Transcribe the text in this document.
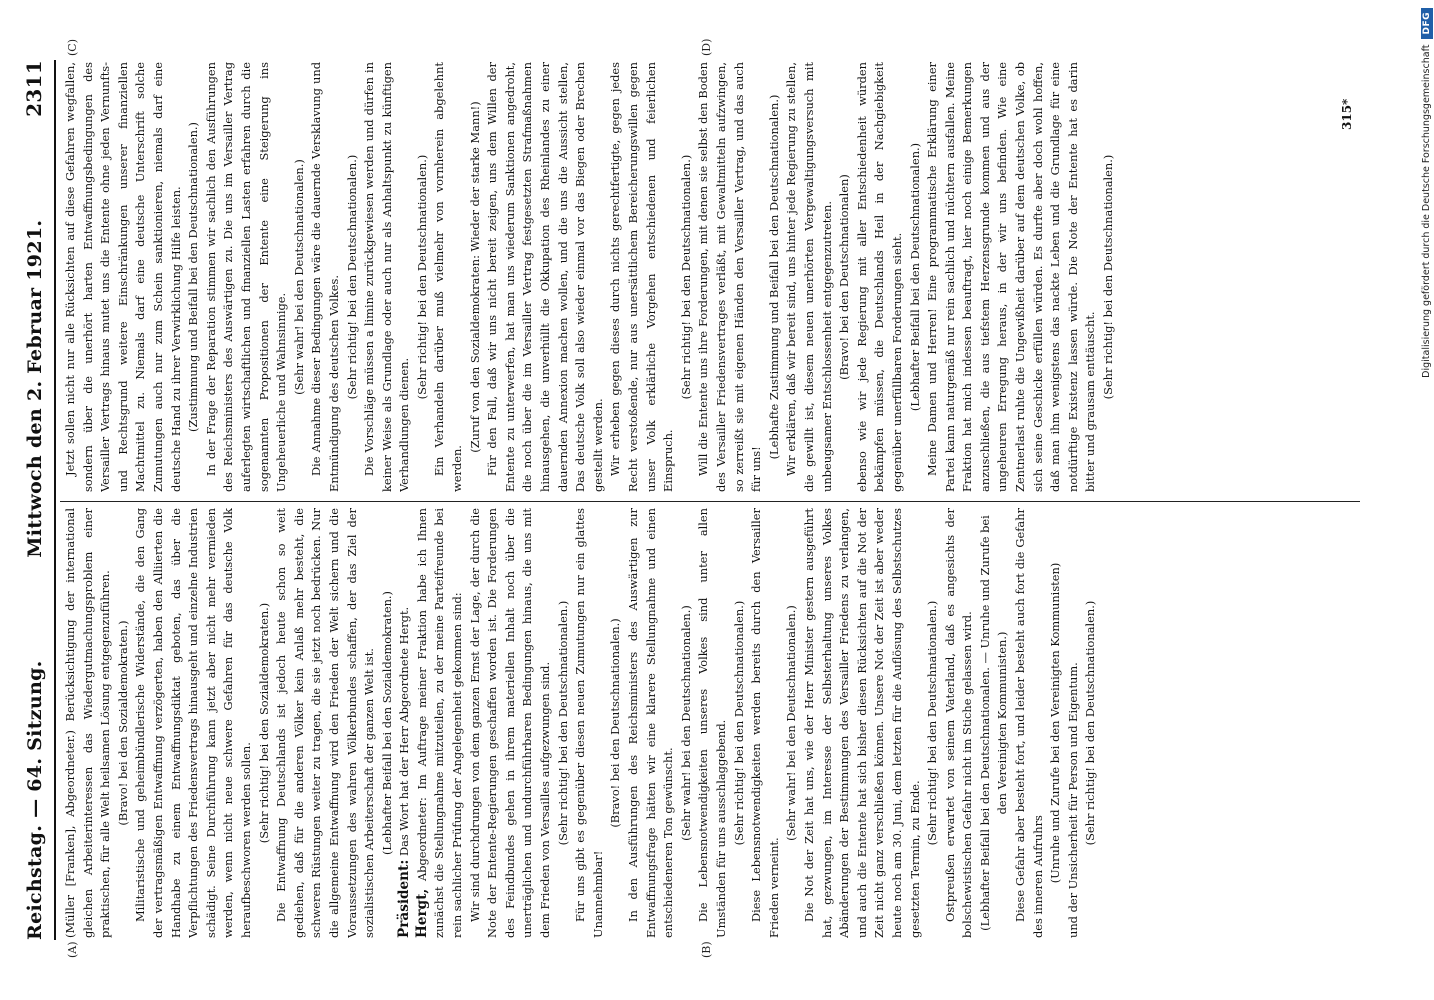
Reichstag. — 64. Sitzung.
Mittwoch den 2. Februar 1921.
2311
(A)	(B)
(C)	(D)

(Müller [Franken], Abgeordneter.) Berücksichtigung der international gleichen Arbeiterinteressen das Wiedergutmachungsproblem einer praktischen, für alle Welt heilsamen Lösung entgegenzuführen. (Bravo! bei den Sozialdemokraten.) Militaristische und geheimbündlerische Widerstände, die den Gang der vertragsmäßigen Entwaffnung verzögerten, haben den Alliierten die Handhabe zu einem Entwaffnungsdiktat geboten, das über die Verpflichtungen des Friedensvertrags hinausgeht und einzelne Industrien schädigt. Seine Durchführung kann jetzt aber nicht mehr vermieden werden, wenn nicht neue schwere Gefahren für das deutsche Volk heraufbeschworen werden sollen. (Sehr richtig! bei den Sozialdemokraten.) Die Entwaffnung Deutschlands ist jedoch heute schon so weit gediehen, daß für die anderen Völker kein Anlaß mehr besteht, die schweren Rüstungen weiter zu tragen, die sie jetzt noch bedrücken. Nur die allgemeine Entwaffnung wird den Frieden der Welt sichern und die Voraussetzungen des wahren Völkerbundes schaffen, der das Ziel der sozialistischen Arbeiterschaft der ganzen Welt ist. (Lebhafter Beifall bei den Sozialdemokraten.)

Präsident: Das Wort hat der Herr Abgeordnete Hergt.

Hergt, Abgeordneter: Im Auftrage meiner Fraktion habe ich Ihnen zunächst die Stellungnahme mitzuteilen, zu der meine Parteifreunde bei rein sachlicher Prüfung der Angelegenheit gekommen sind: Wir sind durchdrungen von dem ganzen Ernst der Lage, der durch die Note der Entente-Regierungen geschaffen worden ist. Die Forderungen des Feindbundes gehen in ihrem materiellen Inhalt noch über die unerträglichen und undurchführbaren Bedingungen hinaus, die uns mit dem Frieden von Versailles aufgezwungen sind. (Sehr richtig! bei den Deutschnationalen.) Für uns gibt es gegenüber diesen neuen Zumutungen nur ein glattes Unannehmbar!

(Bravo! bei den Deutschnationalen.) In den Ausführungen des Reichsministers des Auswärtigen zur Entwaffnungsfrage hätten wir eine klarere Stellungnahme und einen entschiedeneren Ton gewünscht.

(Sehr wahr! bei den Deutschnationalen.) Die Lebensnotwendigkeiten unseres Volkes sind unter allen Umständen für uns ausschlaggebend. (Sehr richtig! bei den Deutschnationalen.) Diese Lebensnotwendigkeiten werden bereits durch den Versailler Frieden verneint.

(Sehr wahr! bei den Deutschnationalen.) Die Not der Zeit hat uns, wie der Herr Minister gestern ausgeführt hat, gezwungen, im Interesse der Selbsterhaltung unseres Volkes Abänderungen der Bestimmungen des Versailler Friedens zu verlangen, und auch die Entente hat sich bisher diesen Rücksichten auf die Not der Zeit nicht ganz verschließen können. Unsere Not der Zeit ist aber weder heute noch am 30. Juni, dem letzten für die Auflösung des Selbstschutzes gesetzten Termin, zu Ende.

(Sehr richtig! bei den Deutschnationalen.) Ostpreußen erwartet von seinem Vaterland, daß es angesichts der bolschewistischen Gefahr nicht im Stiche gelassen wird. (Lebhafter Beifall bei den Deutschnationalen. — Unruhe und Zurufe bei den Vereinigten Kommunisten.) Diese Gefahr aber besteht fort, und leider besteht auch fort die Gefahr des inneren Aufruhrs (Unruhe und Zurufe bei den Vereinigten Kommunisten) und der Unsicherheit für Person und Eigentum. (Sehr richtig! bei den Deutschnationalen.)

Jetzt sollen nicht nur alle Rücksichten auf diese Gefahren wegfallen, sondern über die unerhört harten Entwaffnungsbedingungen des Versailler Vertrags hinaus mutet uns die Entente ohne jeden Vernunfts- und Rechtsgrund weitere Einschränkungen unserer finanziellen Machtmittel zu. Niemals darf eine deutsche Unterschrift solche Zumutungen auch nur zum Schein sanktionieren, niemals darf eine deutsche Hand zu ihrer Verwirklichung Hilfe leisten. (Zustimmung und Beifall bei den Deutschnationalen.) In der Frage der Reparation stimmen wir sachlich den Ausführungen des Reichsministers des Auswärtigen zu. Die uns im Versailler Vertrag auferlegten wirtschaftlichen und finanziellen Lasten erfahren durch die sogenannten Propositionen der Entente eine Steigerung ins Ungeheuerliche und Wahnsinnige. (Sehr wahr! bei den Deutschnationalen.) Die Annahme dieser Bedingungen wäre die dauernde Versklavung und Entmündigung des deutschen Volkes. (Sehr richtig! bei den Deutschnationalen.) Die Vorschläge müssen a limine zurückgewiesen werden und dürfen in keiner Weise als Grundlage oder auch nur als Anhaltspunkt zu künftigen Verhandlungen dienen.

(Sehr richtig! bei den Deutschnationalen.) Ein Verhandeln darüber muß vielmehr von vornherein abgelehnt werden.

(Zuruf von den Sozialdemokraten: Wieder der starke Mann!) Für den Fall, daß wir uns nicht bereit zeigen, uns dem Willen der Entente zu unterwerfen, hat man uns wiederum Sanktionen angedroht, die noch über die im Versailler Vertrag festgesetzten Strafmaßnahmen hinausgehen, die unverhüllt die Okkupation des Rheinlandes zu einer dauernden Annexion machen wollen, und die uns die Aussicht stellen, Das deutsche Volk soll also wieder einmal vor das Biegen oder Brechen gestellt werden. Wir erheben gegen dieses durch nichts gerechtfertigte, gegen jedes Recht verstoßende, nur aus unersättlichem Bereicherungswillen gegen unser Volk erklärliche Vorgehen entschiedenen und feierlichen Einspruch.

(Sehr richtig! bei den Deutschnationalen.) Will die Entente uns ihre Forderungen, mit denen sie selbst den Boden des Versailler Friedensvertrages verläßt, mit Gewaltmitteln aufzwingen, so zerreißt sie mit eigenen Händen den Versailler Vertrag, und das auch für uns!

(Lebhafte Zustimmung und Beifall bei den Deutschnationalen.) Wir erklären, daß wir bereit sind, uns hinter jede Regierung zu stellen, die gewillt ist, diesem neuen unerhörten Vergewaltigungsversuch mit unbeugsamer Entschlossenheit entgegenzutreten. (Bravo! bei den Deutschnationalen) ebenso wie wir jede Regierung mit aller Entschiedenheit würden bekämpfen müssen, die Deutschlands Heil in der Nachgiebigkeit gegenüber unerfüllbaren Forderungen sieht. (Lebhafter Beifall bei den Deutschnationalen.) Meine Damen und Herren! Eine programmatische Erklärung einer Partei kann naturgemäß nur rein sachlich und nüchtern ausfallen. Meine Fraktion hat mich indessen beauftragt, hier noch einige Bemerkungen anzuschließen, die aus tiefstem Herzensgrunde kommen und aus der ungeheuren Erregung heraus, in der wir uns befinden. Wie eine Zentnerlast ruhte die Ungewißheit darüber auf dem deutschen Volke, ob sich seine Geschicke erfüllen würden. Es durfte aber doch wohl hoffen, daß man ihm wenigstens das nackte Leben und die Grundlage für eine notdürftige Existenz lassen würde. Die Note der Entente hat es darin bitter und grausam enttäuscht.

(Sehr richtig! bei den Deutschnationalen.)

315*	Digitalisierung gefördert durch die Deutsche Forschungsgemeinschaft
DFG
